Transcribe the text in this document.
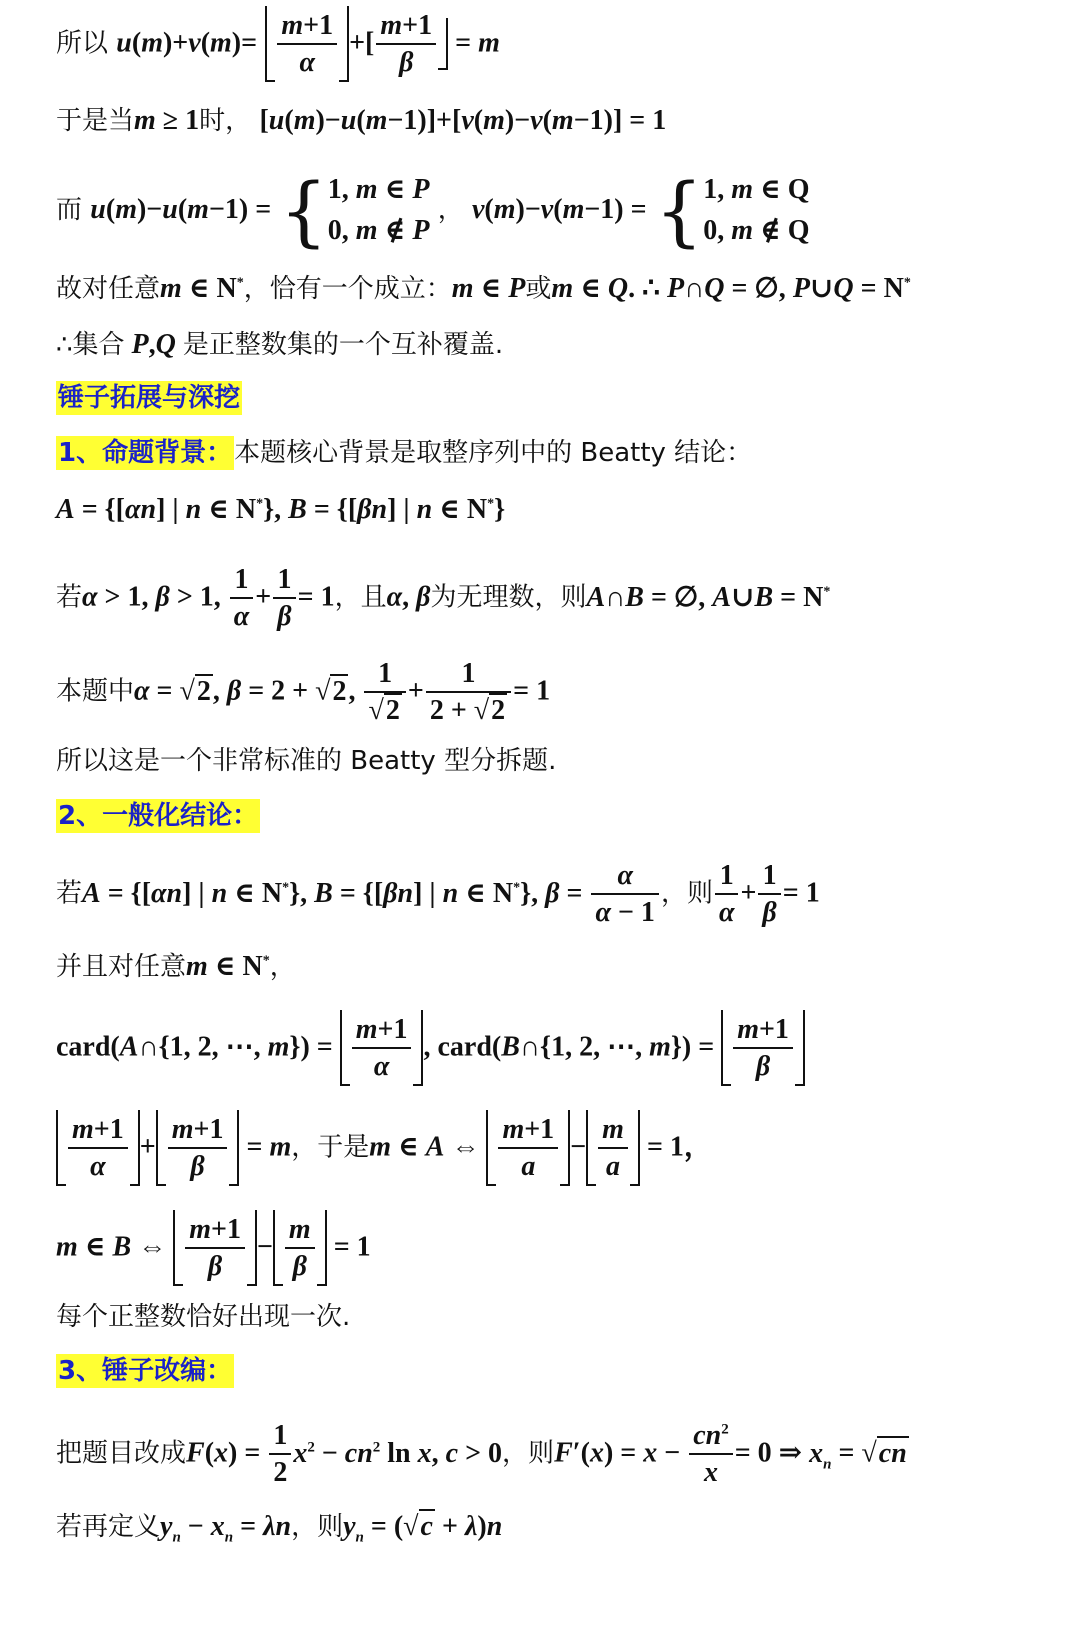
所以 $u(m)+v(m)= \frac{m+1}{\alpha}$ +[ $\frac{m+1}{\beta} = m$
于是当m ≥ 1时， [u(m)−u(m−1)]+[v(m)−v(m−1)] = 1
而 u(m)−u(m−1) = {1, m ∈ P
0, m ∉ P ， v(m)−v(m−1) = {1, m ∈ Q
0, m ∉ Q
故对任意m ∈ N*，恰有一个成立：m ∈ P或m ∈ Q. ∴ P∩Q = ∅, P∪Q = N*
∴集合 P,Q 是正整数集的一个互补覆盖.
锤子拓展与深挖
1、命题背景：本题核心背景是取整序列中的 Beatty 结论：
A = {[αn] | n ∈ N*}, B = {[βn] | n ∈ N*}
若α > 1, β > 1, $\frac{1}{\alpha} + \frac{1}{\beta} = 1$，且α, β为无理数，则A∩B = ∅, A∪B = N*
本题中α = √2, β = 2 + √2, $\frac{1}{√2} + \frac{1}{2 + √2} = 1$
所以这是一个非常标准的 Beatty 型分拆题.
2、一般化结论：
若A = {[αn] | n ∈ N*}, B = {[βn] | n ∈ N*}, $\beta = \frac{\alpha}{\alpha - 1}$ ，则 $\frac{1}{\alpha} + \frac{1}{\beta} = 1$
并且对任意m ∈ N*，
card(A∩{1, 2, ⋯, $m\}) = \frac{m+1}{\alpha}$ , card(B∩{1, 2, ⋯, $m\}) = \frac{m+1}{\beta}$
$\frac{m+1}{\alpha} + \frac{m+1}{\beta} = m$，于是m ∈ A ⇔ $\frac{m+1}{a} - \frac{m}{a} = 1$，
m ∈ B ⇔ $\frac{m+1}{\beta} - \frac{m}{\beta} = 1$
每个正整数恰好出现一次.
3、锤子改编：
把题目改成$F(x) = \frac{1}{2} x^2 - cn^2$ ln x, c > 0，则$F'(x) = x - \frac{cn^2}{x} = 0$ ⇒ $x_n = √cn$
若再定义$y_n - x_n = \lambda n$，则$y_n = (√c + \lambda)n$
